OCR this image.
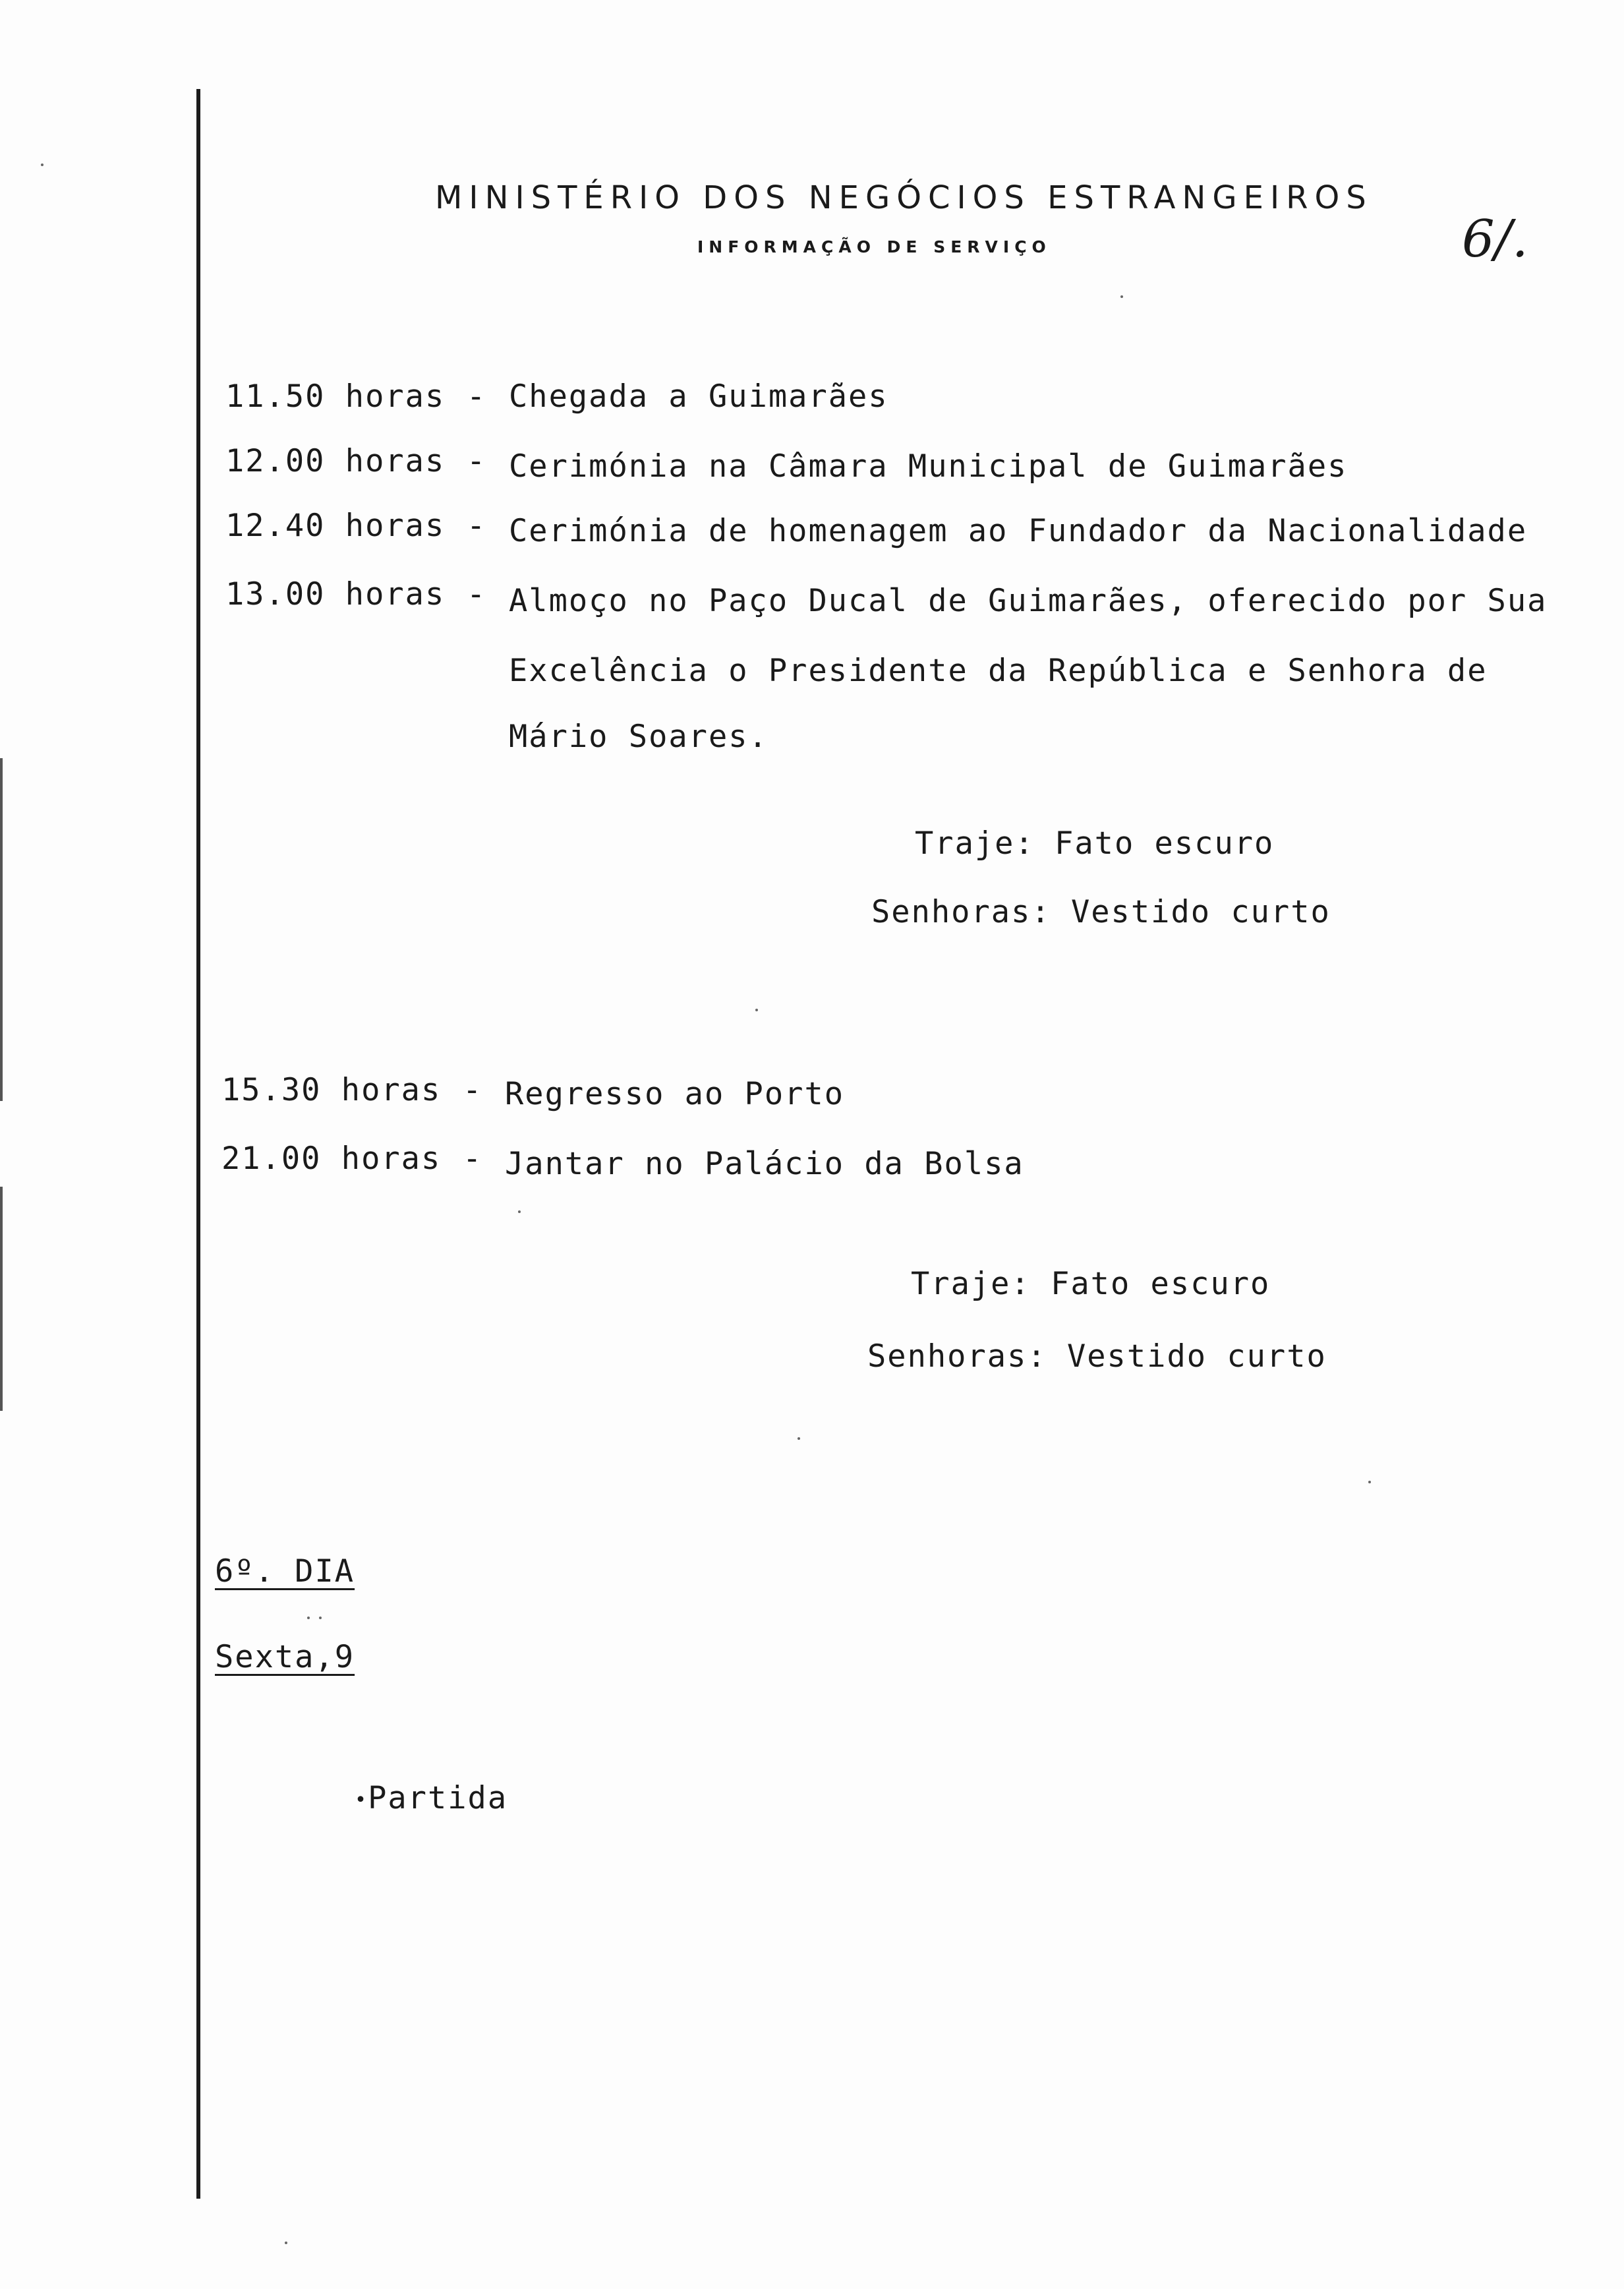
MINISTÉRIO DOS NEGÓCIOS ESTRANGEIROS
INFORMAÇÃO DE SERVIÇO	6/.
11.50 horas - Chegada a Guimarães
12.00 horas - Cerimónia na Câmara Municipal de Guimarães
12.40 horas - Cerimónia de homenagem ao Fundador da Nacionalidade
13.00 horas - Almoço no Paço Ducal de Guimarães, oferecido por Sua
Excelência o Presidente da República e Senhora de
Mário Soares.
Traje: Fato escuro
Senhoras: Vestido curto
15.30 horas - Regresso ao Porto
21.00 horas - Jantar no Palácio da Bolsa
Traje: Fato escuro
Senhoras: Vestido curto
6º. DIA
Sexta,9
•Partida
